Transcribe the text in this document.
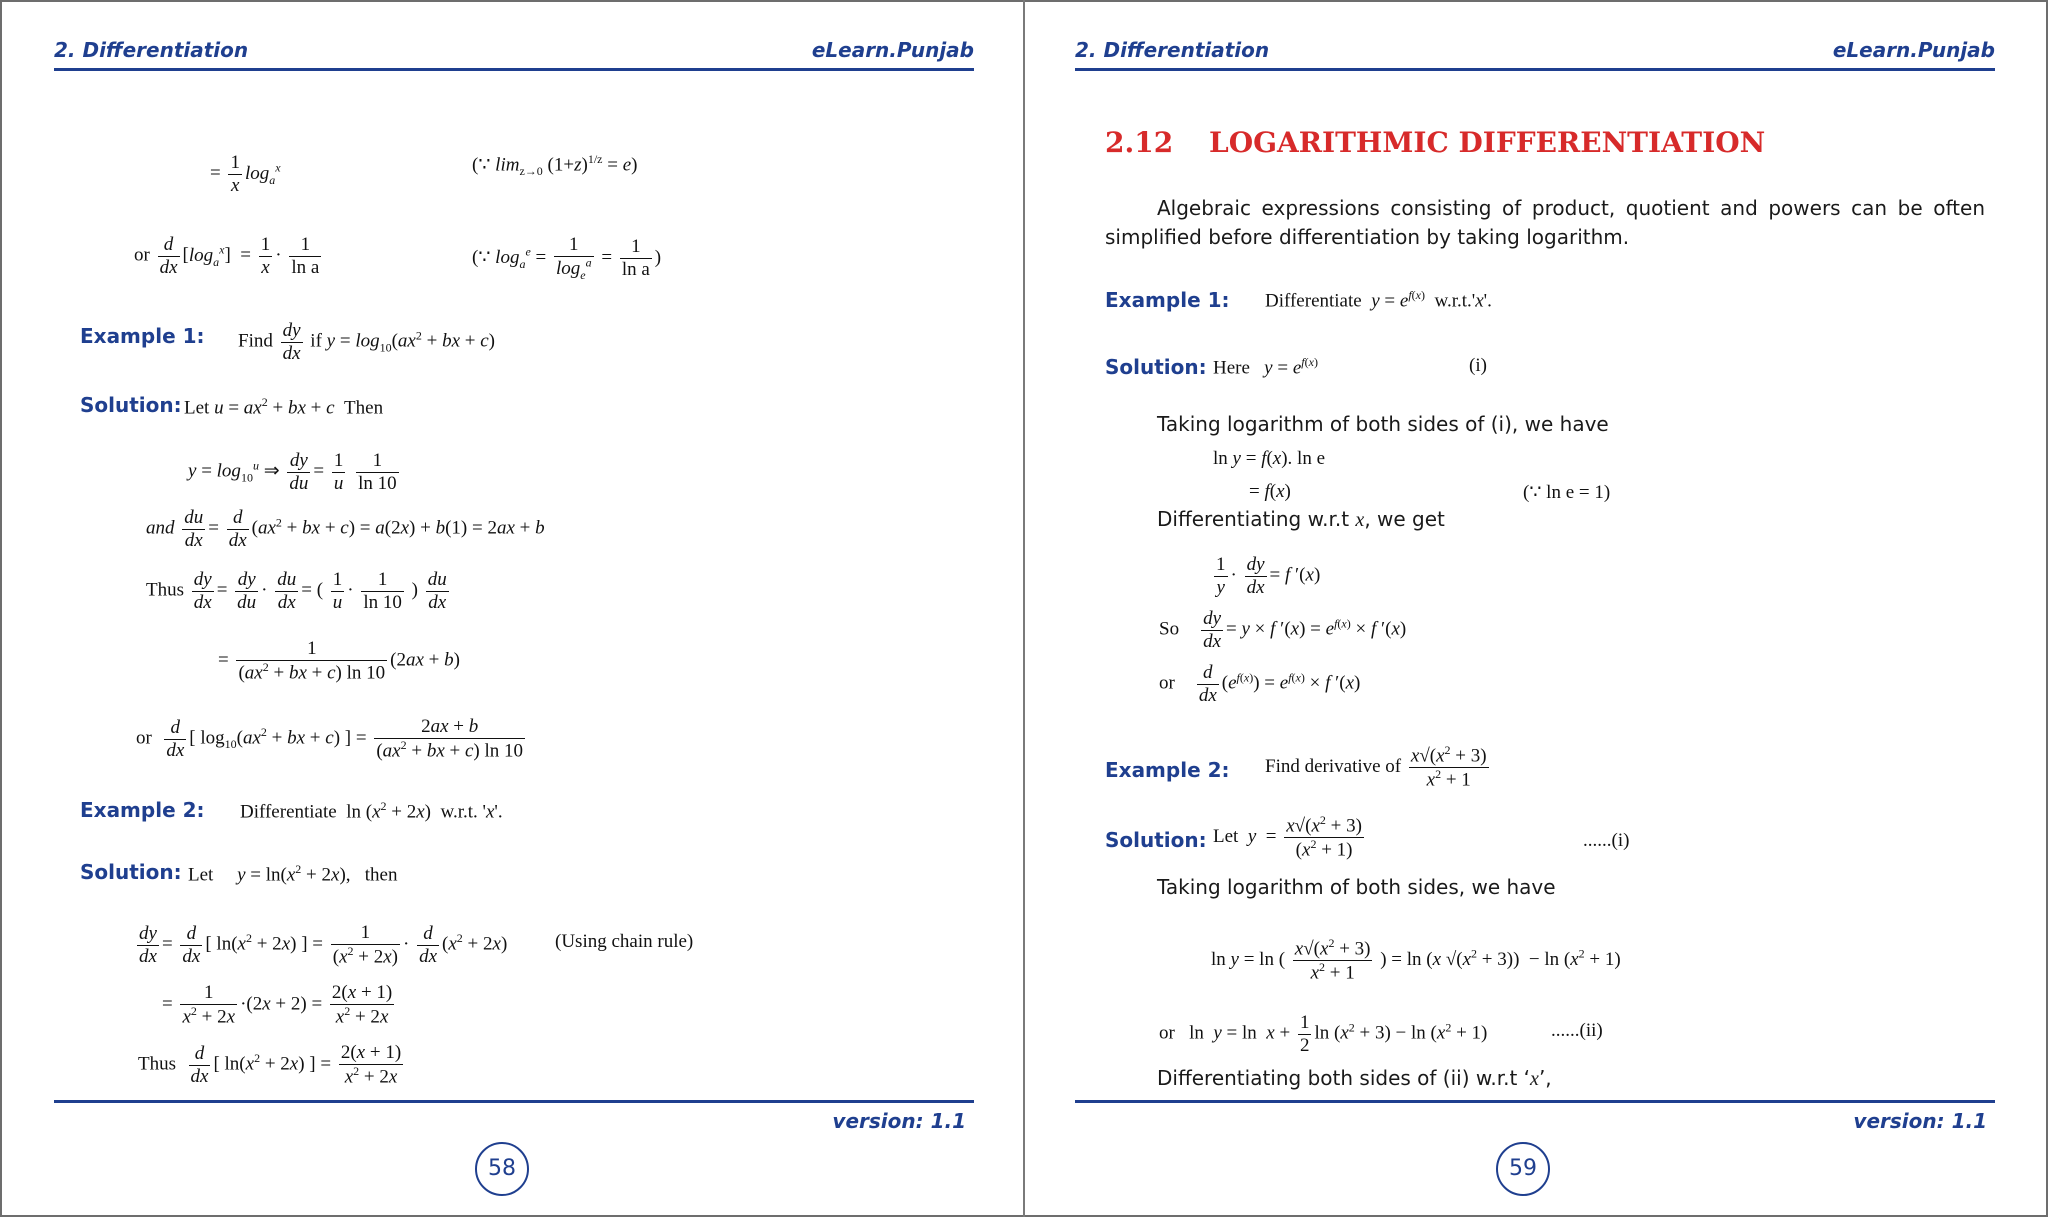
2. Differentiation	eLearn.Punjab
= $\frac{1}{x} \log_a^x$	(∵ $\lim_{z\to 0} (1+z)^{1/z} = e$)
or $\frac{d}{dx} [\log_a^x] = \frac{1}{x} \cdot \frac{1}{\text{ln a}}$	(∵ $\log_a^e = \frac{1}{\log_e^a} = \frac{1}{\text{ln a}}$ )
Example 1: Find $\frac{dy}{dx}$ if $y = \log_{10}(ax^2$ + bx + c)
Solution: Let $u = ax^2$ + bx + c  Then
$y = \log_{10}^u$ ⇒ $\frac{dy}{du} = \frac{1}{u}$
$\frac{1}{\ln 10}$
and $\frac{du}{dx} = \frac{d}{dx} (ax^2$ + bx + c) = a(2x) + b(1) = 2ax + b
Thus $\frac{dy}{dx} = \frac{dy}{du} \cdot \frac{du}{dx}$ = ( $\frac{1}{u} \cdot \frac{1}{\ln 10}$ ) $\frac{du}{dx}$
= $\frac{1}{(ax^2 + bx + c) \ln 10} (2ax + b)$
or $\frac{d}{dx}$ [ $\log_{10}(ax^2$ + bx + c) ] = $\frac{2ax + b}{(ax^2 + bx + c) \ln 10}$
Example 2: Differentiate  $\ln (x^2 + 2x)$  w.r.t. 'x'.
Solution: Let     $y = \ln(x^2 + 2x)$,   then
$\frac{dy}{dx} = \frac{d}{dx}$ [ $\ln(x^2 + 2x)$ ] = $\frac{1}{(x^2 + 2x)} \cdot \frac{d}{dx} (x^2 + 2x)$	(Using chain rule)
= $\frac{1}{x^2 + 2x} \cdot(2x + 2) = \frac{2(x + 1)}{x^2 + 2x}$
Thus $\frac{d}{dx}$ [ $\ln(x^2 + 2x)$ ] = $\frac{2(x + 1)}{x^2 + 2x}$
version: 1.1
58
2. Differentiation	eLearn.Punjab
2.12 LOGARITHMIC DIFFERENTIATION
Algebraic expressions consisting of product, quotient and powers can be often simplified before differentiation by taking logarithm.
Example 1: Differentiate  $y = e^{f(x)}$  w.r.t.'x'.
Solution: Here   $y = e^{f(x)}$	(i)
Taking logarithm of both sides of (i), we have
ln y = f(x). ln e
= f(x)	(∵ ln e = 1)
Differentiating w.r.t x, we get
$\frac{1}{y} \cdot \frac{dy}{dx} = f$ ′(x)
So $\frac{dy}{dx} = y \times f$ $'(x) = e^{f(x)} \times f$ ′(x)
or $\frac{d}{dx} (e^{f(x)}) = e^{f(x)} \times f$ ′(x)
Example 2: Find derivative of $\frac{x√(x^2 + 3)}{x^2 + 1}$
Solution: Let  $y = \frac{x√(x^2 + 3)}{(x^2 + 1)}$	......(i)
Taking logarithm of both sides, we have
ln y = ln ( $\frac{x√(x^2 + 3)}{x^2 + 1}$ ) = ln (x $√(x^2 + 3)) - \ln (x^2 + 1)$
or   $\ln y = \ln x + \frac{1}{2}$ $\ln (x^2 + 3) - \ln (x^2 + 1)$	......(ii)
Differentiating both sides of (ii) w.r.t ‘x’,
version: 1.1
59
